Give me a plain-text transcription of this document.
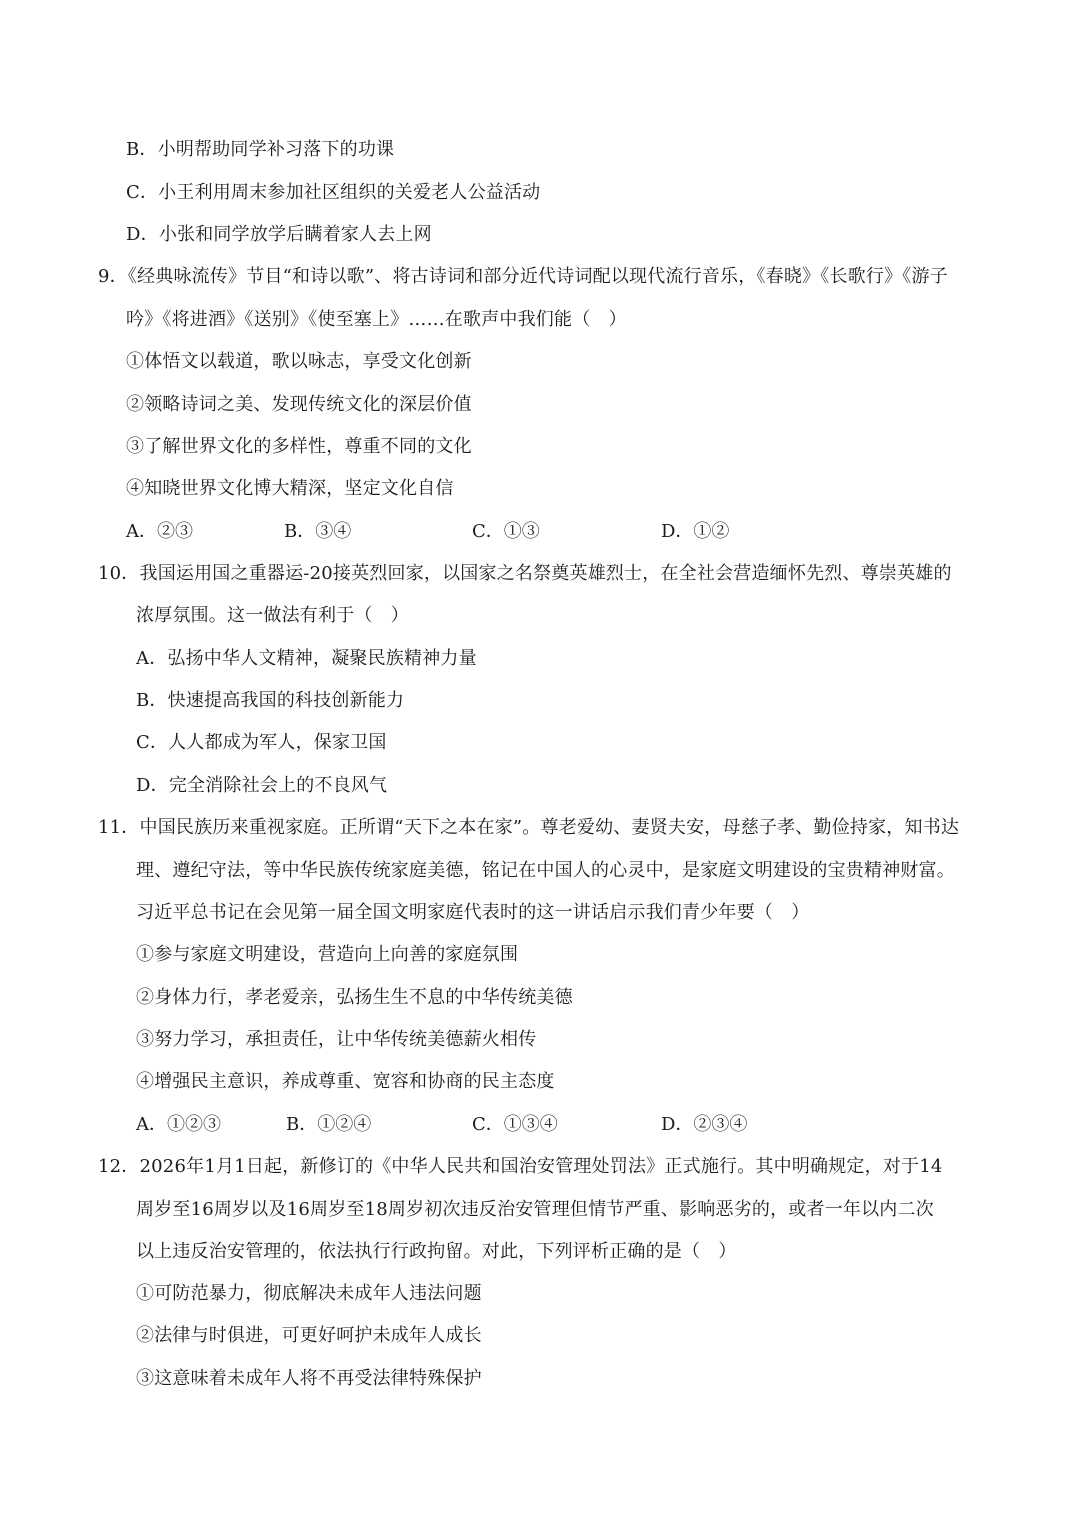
B．小明帮助同学补习落下的功课
C．小王利用周末参加社区组织的关爱老人公益活动
D．小张和同学放学后瞒着家人去上网
9．《经典咏流传》节目“和诗以歌”、将古诗词和部分近代诗词配以现代流行音乐，《春晓》《长歌行》《游子
吟》《将进酒》《送别》《使至塞上》……在歌声中我们能（　）
①体悟文以载道，歌以咏志，享受文化创新
②领略诗词之美、发现传统文化的深层价值
③了解世界文化的多样性，尊重不同的文化
④知晓世界文化博大精深，坚定文化自信
A．②③	B．③④	C．①③	D．①②
10．我国运用国之重器运-20接英烈回家，以国家之名祭奠英雄烈士，在全社会营造缅怀先烈、尊崇英雄的
浓厚氛围。这一做法有利于（　）
A．弘扬中华人文精神，凝聚民族精神力量
B．快速提高我国的科技创新能力
C．人人都成为军人，保家卫国
D．完全消除社会上的不良风气
11．中国民族历来重视家庭。正所谓“天下之本在家”。尊老爱幼、妻贤夫安，母慈子孝、勤俭持家，知书达
理、遵纪守法，等中华民族传统家庭美德，铭记在中国人的心灵中，是家庭文明建设的宝贵精神财富。
习近平总书记在会见第一届全国文明家庭代表时的这一讲话启示我们青少年要（　）
①参与家庭文明建设，营造向上向善的家庭氛围
②身体力行，孝老爱亲，弘扬生生不息的中华传统美德
③努力学习，承担责任，让中华传统美德薪火相传
④增强民主意识，养成尊重、宽容和协商的民主态度
A．①②③	B．①②④	C．①③④	D．②③④
12．2026年1月1日起，新修订的《中华人民共和国治安管理处罚法》正式施行。其中明确规定，对于14
周岁至16周岁以及16周岁至18周岁初次违反治安管理但情节严重、影响恶劣的，或者一年以内二次
以上违反治安管理的，依法执行行政拘留。对此，下列评析正确的是（　）
①可防范暴力，彻底解决未成年人违法问题
②法律与时俱进，可更好呵护未成年人成长
③这意味着未成年人将不再受法律特殊保护
